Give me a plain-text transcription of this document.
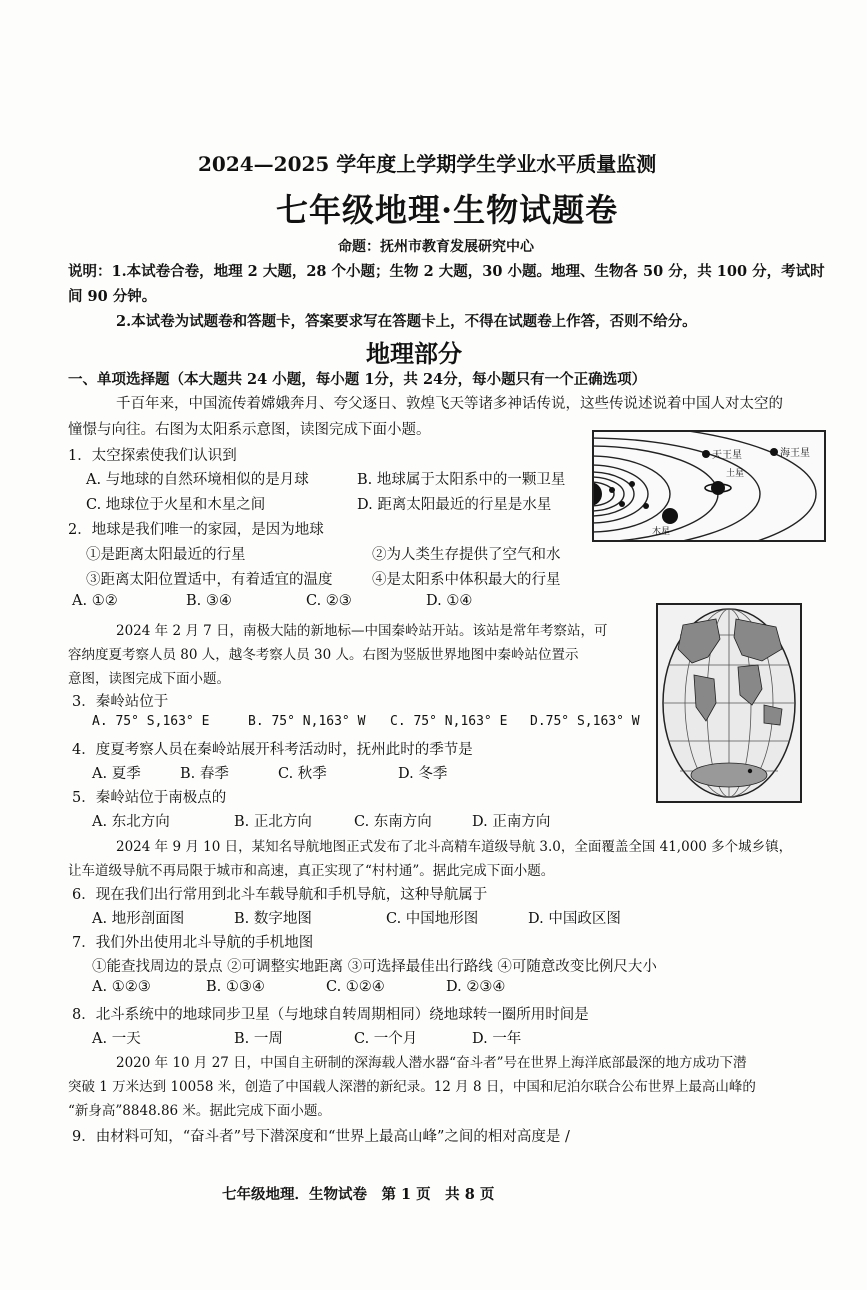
2024—2025 学年度上学期学生学业水平质量监测
七年级地理·生物试题卷
命题：抚州市教育发展研究中心
说明：1.本试卷合卷，地理 2 大题，28 个小题；生物 2 大题，30 小题。地理、生物各 50 分，共 100 分，考试时
间 90 分钟。
2.本试卷为试题卷和答题卡，答案要求写在答题卡上，不得在试题卷上作答，否则不给分。
地理部分
一、单项选择题（本大题共 24 小题，每小题 1分，共 24分，每小题只有一个正确选项）
千百年来，中国流传着嫦娥奔月、夸父逐日、敦煌飞天等诸多神话传说，这些传说述说着中国人对太空的
憧憬与向往。右图为太阳系示意图，读图完成下面小题。
1．太空探索使我们认识到
A. 与地球的自然环境相似的是月球	B. 地球属于太阳系中的一颗卫星
C. 地球位于火星和木星之间	D. 距离太阳最近的行星是水星
2．地球是我们唯一的家园，是因为地球
①是距离太阳最近的行星	②为人类生存提供了空气和水
③距离太阳位置适中，有着适宜的温度	④是太阳系中体积最大的行星
A. ①②	B. ③④	C. ②③	D. ①④
2024 年 2 月 7 日，南极大陆的新地标—中国秦岭站开站。该站是常年考察站，可
容纳度夏考察人员 80 人，越冬考察人员 30 人。右图为竖版世界地图中秦岭站位置示
意图，读图完成下面小题。
3．秦岭站位于
A. 75° S,163° E	B. 75° N,163° W C. 75° N,163° E D.75° S,163° W
4．度夏考察人员在秦岭站展开科考活动时，抚州此时的季节是
A. 夏季	B. 春季	C. 秋季	D. 冬季
5．秦岭站位于南极点的
A. 东北方向	B. 正北方向	C. 东南方向	D. 正南方向
2024 年 9 月 10 日，某知名导航地图正式发布了北斗高精车道级导航 3.0，全面覆盖全国 41,000 多个城乡镇，
让车道级导航不再局限于城市和高速，真正实现了“村村通”。据此完成下面小题。
6．现在我们出行常用到北斗车载导航和手机导航，这种导航属于
A. 地形剖面图	B. 数字地图	C. 中国地形图	D. 中国政区图
7．我们外出使用北斗导航的手机地图
①能查找周边的景点 ②可调整实地距离 ③可选择最佳出行路线 ④可随意改变比例尺大小
A. ①②③	B. ①③④	C. ①②④	D. ②③④
8．北斗系统中的地球同步卫星（与地球自转周期相同）绕地球转一圈所用时间是
A. 一天	B. 一周	C. 一个月	D. 一年
2020 年 10 月 27 日，中国自主研制的深海载人潜水器“奋斗者”号在世界上海洋底部最深的地方成功下潜
突破 1 万米达到 10058 米，创造了中国载人深潜的新纪录。12 月 8 日，中国和尼泊尔联合公布世界上最高山峰的
“新身高”8848.86 米。据此完成下面小题。
9．由材料可知，“奋斗者”号下潜深度和“世界上最高山峰”之间的相对高度是 /
七年级地理．生物试卷　第 1 页　共 8 页
天王星	海王星
土星
木星
